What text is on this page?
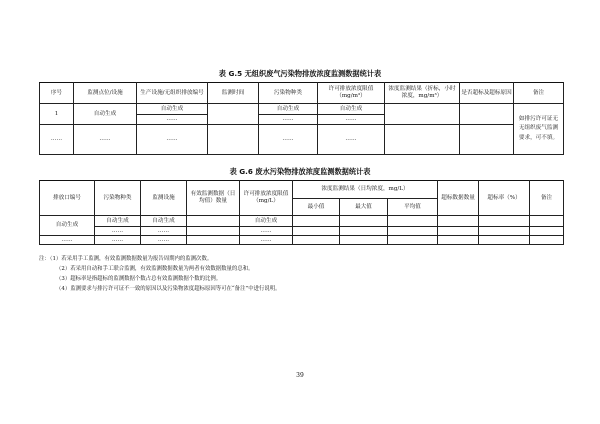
表 G.5 无组织废气污染物排放浓度监测数据统计表
序号	监测点位/设施	生产设施/无组织排放编号	监测时间	污染物种类	许可排放浓度限值（mg/m³）	浓度监测结果（折标，小时浓度，mg/m³）	是否超标及超标原因	备注
1	自动生成	自动生成		自动生成	自动生成			如排污许可证无无组织废气监测要求，可不填。
		……		……	……			
……	……	……		……	……			
表 G.6 废水污染物排放浓度监测数据统计表
排放口编号	污染物种类	监测设施	有效监测数据（日均值）数量	许可排放浓度限值（mg/L）	浓度监测结果（日均浓度，mg/L）			超标数据数量	超标率（%）	备注
					最小值	最大值	平均值			
自动生成	自动生成	自动生成		自动生成						
	……	……		……						
……	……	……		……						
注：（1）若采用手工监测，有效监测数据数量为报告周期内的监测次数。
（2）若采用自动和手工联合监测，有效监测数据数量为两者有效数据数量的总和。
（3）超标率是指超标的监测数据个数占总有效监测数据个数的比例。
（4）监测要求与排污许可证不一致的原因以及污染物浓度超标原因等可在“备注”中进行说明。
39
